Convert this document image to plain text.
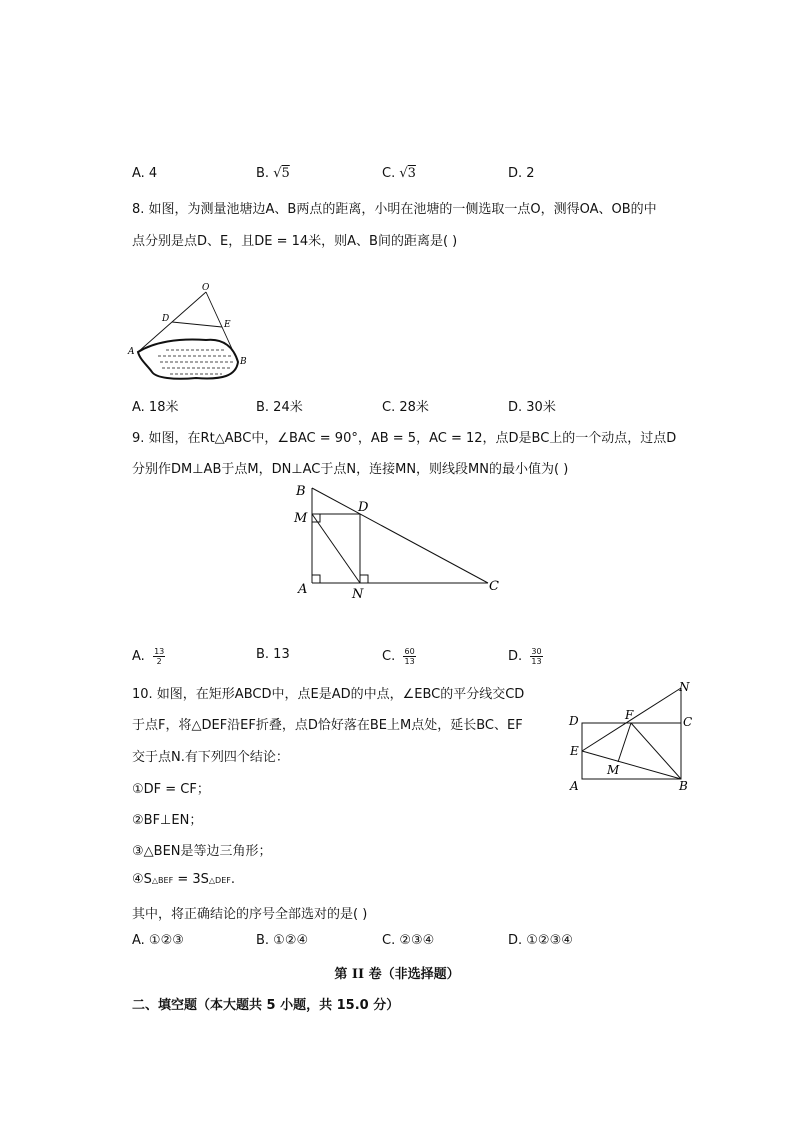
A. 4	B. √5	C. √3	D. 2
8. 如图，为测量池塘边A、B两点的距离，小明在池塘的一侧选取一点O，测得OA、OB的中
点分别是点D、E，且DE = 14米，则A、B间的距离是( )
O
D
E
A
B
A. 18米	B. 24米	C. 28米	D. 30米
9. 如图，在Rt△ABC中，∠BAC = 90°，AB = 5，AC = 12，点D是BC上的一个动点，过点D
分别作DM⊥AB于点M，DN⊥AC于点N，连接MN，则线段MN的最小值为( )
B
D
M
A	N
C
A. $\frac{13}{2}$	B. 13	C. $\frac{60}{13}$	D. $\frac{30}{13}$
10. 如图，在矩形ABCD中，点E是AD的中点，∠EBC的平分线交CD
于点F，将△DEF沿EF折叠，点D恰好落在BE上M点处，延长BC、EF
交于点N.有下列四个结论：
①DF = CF；
②BF⊥EN；
③△BEN是等边三角形；
④S△BEF = 3S△DEF.
其中，将正确结论的序号全部选对的是( )
N
D	F	C
E
M
A	B
A. ①②③	B. ①②④	C. ②③④	D. ①②③④
第 II 卷（非选择题）
二、填空题（本大题共 5 小题，共 15.0 分）
